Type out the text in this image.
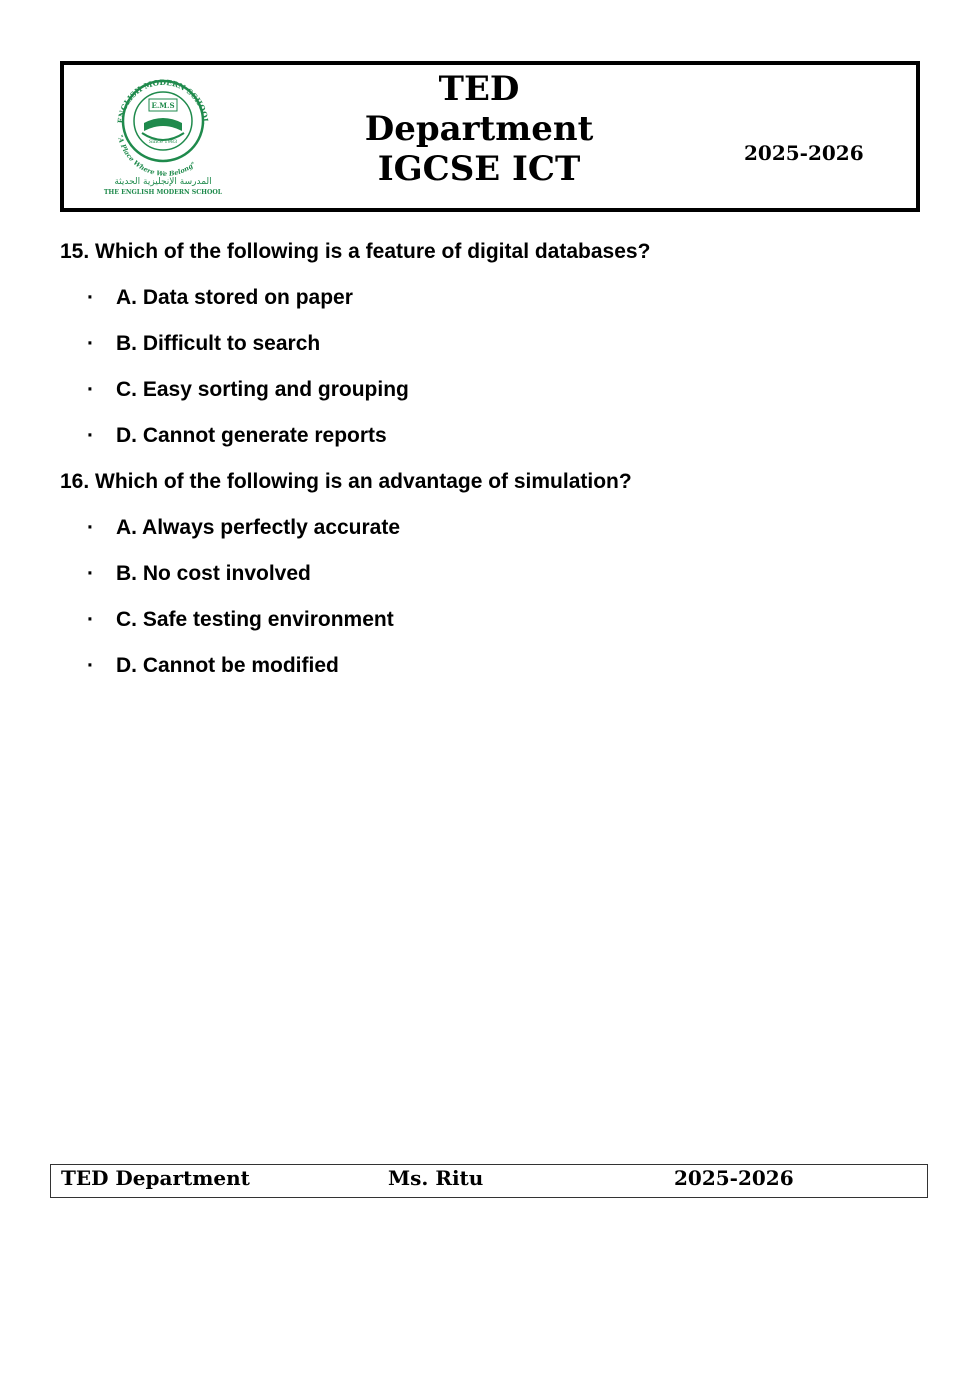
ENGLISH MODERN SCHOOL
E.M.S
Since 1983
"A Place Where We Belong"
المدرسة الإنجليزية الحديثة
THE ENGLISH MODERN SCHOOL
TED
Department
IGCSE ICT	2025-2026
15. Which of the following is a feature of digital databases?
· A. Data stored on paper
· B. Difficult to search
· C. Easy sorting and grouping
· D. Cannot generate reports
16. Which of the following is an advantage of simulation?
· A. Always perfectly accurate
· B. No cost involved
· C. Safe testing environment
· D. Cannot be modified
TED Department	Ms. Ritu	2025-2026
